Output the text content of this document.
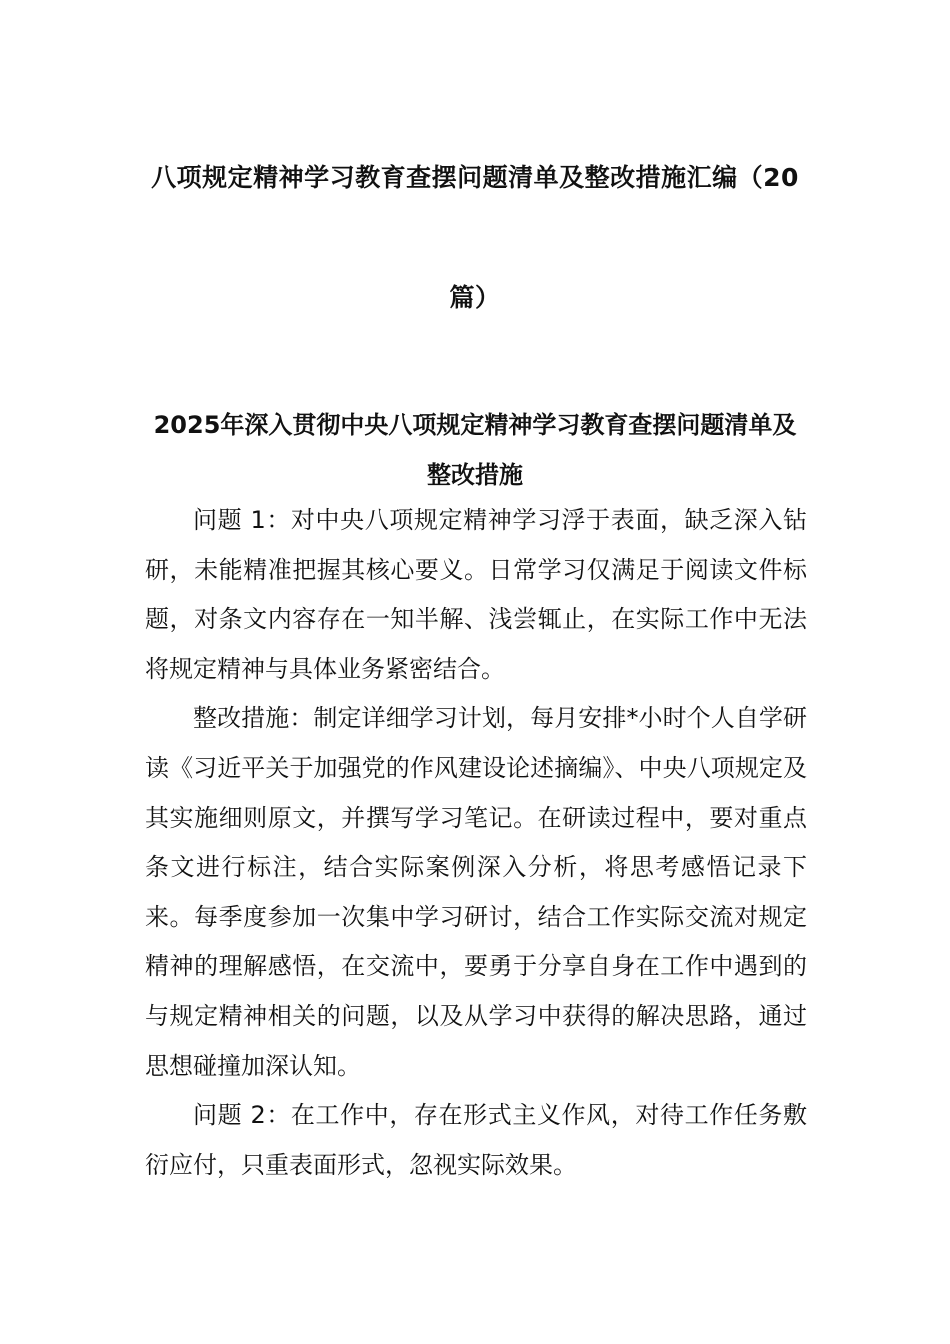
八项规定精神学习教育查摆问题清单及整改措施汇编（20
篇）
2025年深入贯彻中央八项规定精神学习教育查摆问题清单及整改措施

问题 1：对中央八项规定精神学习浮于表面，缺乏深入钻研，未能精准把握其核心要义。日常学习仅满足于阅读文件标题，对条文内容存在一知半解、浅尝辄止，在实际工作中无法将规定精神与具体业务紧密结合。

整改措施：制定详细学习计划，每月安排*小时个人自学研读《习近平关于加强党的作风建设论述摘编》、中央八项规定及其实施细则原文，并撰写学习笔记。在研读过程中，要对重点条文进行标注，结合实际案例深入分析，将思考感悟记录下来。每季度参加一次集中学习研讨，结合工作实际交流对规定精神的理解感悟，在交流中，要勇于分享自身在工作中遇到的与规定精神相关的问题，以及从学习中获得的解决思路，通过思想碰撞加深认知。

问题 2：在工作中，存在形式主义作风，对待工作任务敷衍应付，只重表面形式，忽视实际效果。
